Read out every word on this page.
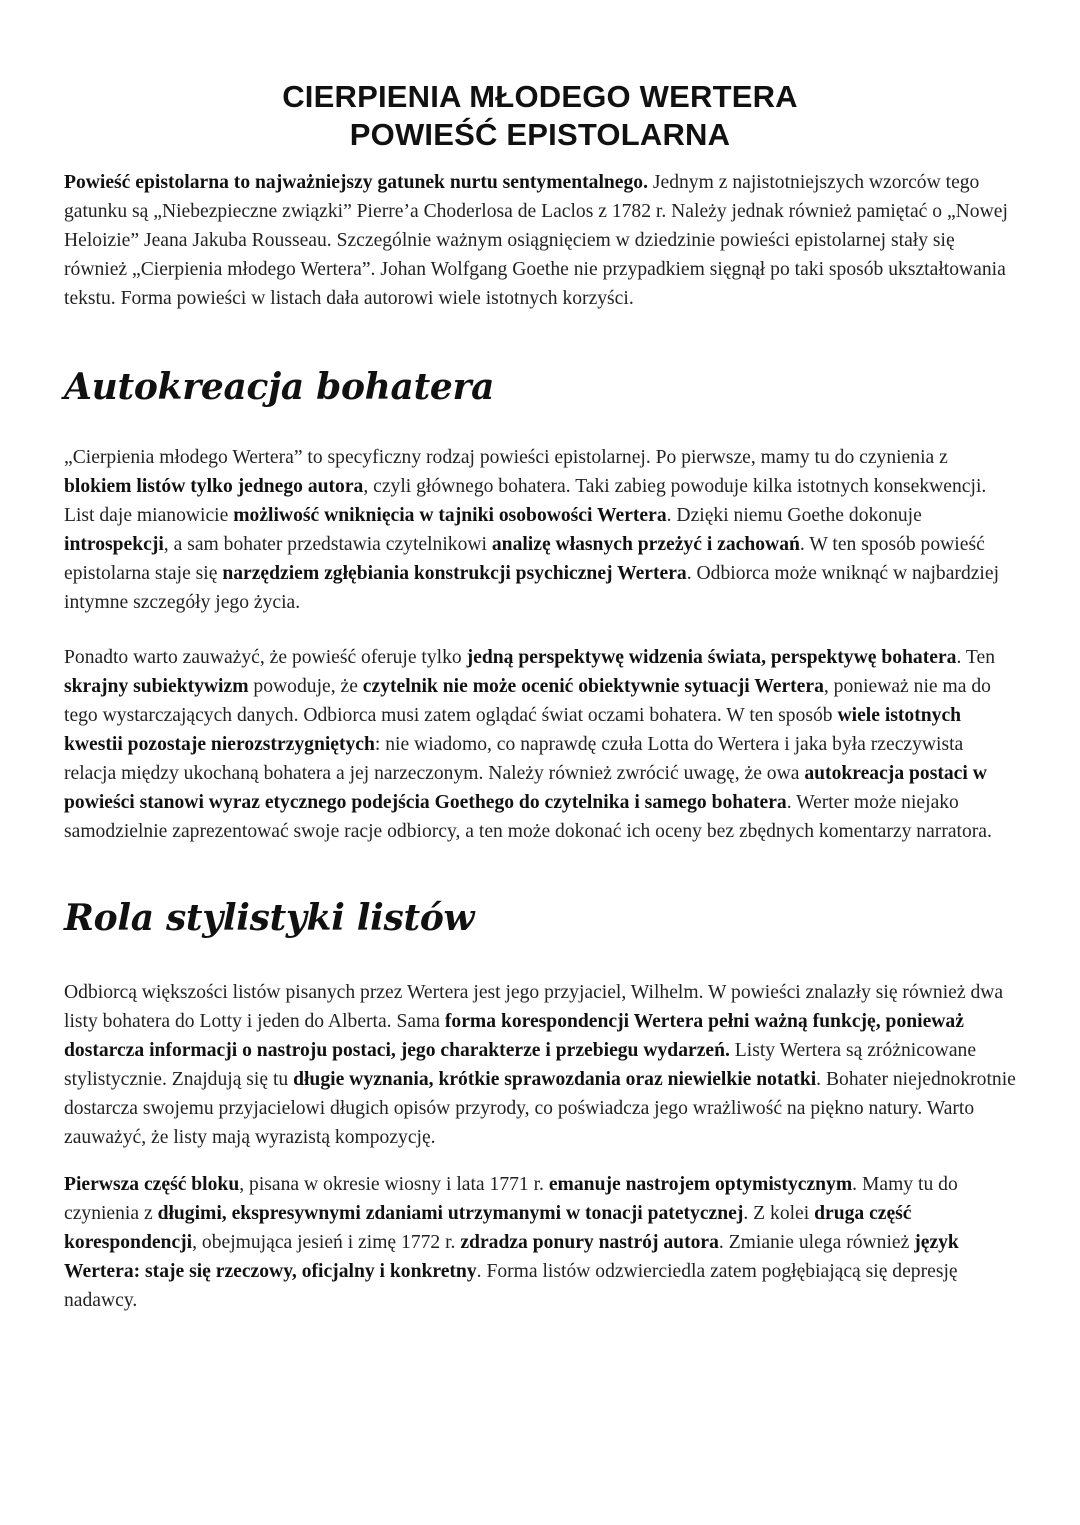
CIERPIENIA MŁODEGO WERTERA
POWIEŚĆ EPISTOLARNA

Powieść epistolarna to najważniejszy gatunek nurtu sentymentalnego. Jednym z najistotniejszych wzorców tego gatunku są „Niebezpieczne związki” Pierre’a Choderlosa de Laclos z 1782 r. Należy jednak również pamiętać o „Nowej Heloizie” Jeana Jakuba Rousseau. Szczególnie ważnym osiągnięciem w dziedzinie powieści epistolarnej stały się również „Cierpienia młodego Wertera”. Johan Wolfgang Goethe nie przypadkiem sięgnął po taki sposób ukształtowania tekstu. Forma powieści w listach dała autorowi wiele istotnych korzyści.

Autokreacja bohatera

„Cierpienia młodego Wertera” to specyficzny rodzaj powieści epistolarnej. Po pierwsze, mamy tu do czynienia z blokiem listów tylko jednego autora, czyli głównego bohatera. Taki zabieg powoduje kilka istotnych konsekwencji. List daje mianowicie możliwość wniknięcia w tajniki osobowości Wertera. Dzięki niemu Goethe dokonuje introspekcji, a sam bohater przedstawia czytelnikowi analizę własnych przeżyć i zachowań. W ten sposób powieść epistolarna staje się narzędziem zgłębiania konstrukcji psychicznej Wertera. Odbiorca może wniknąć w najbardziej intymne szczegóły jego życia.

Ponadto warto zauważyć, że powieść oferuje tylko jedną perspektywę widzenia świata, perspektywę bohatera. Ten skrajny subiektywizm powoduje, że czytelnik nie może ocenić obiektywnie sytuacji Wertera, ponieważ nie ma do tego wystarczających danych. Odbiorca musi zatem oglądać świat oczami bohatera. W ten sposób wiele istotnych kwestii pozostaje nierozstrzygniętych: nie wiadomo, co naprawdę czuła Lotta do Wertera i jaka była rzeczywista relacja między ukochaną bohatera a jej narzeczonym. Należy również zwrócić uwagę, że owa autokreacja postaci w powieści stanowi wyraz etycznego podejścia Goethego do czytelnika i samego bohatera. Werter może niejako samodzielnie zaprezentować swoje racje odbiorcy, a ten może dokonać ich oceny bez zbędnych komentarzy narratora.

Rola stylistyki listów

Odbiorcą większości listów pisanych przez Wertera jest jego przyjaciel, Wilhelm. W powieści znalazły się również dwa listy bohatera do Lotty i jeden do Alberta. Sama forma korespondencji Wertera pełni ważną funkcję, ponieważ dostarcza informacji o nastroju postaci, jego charakterze i przebiegu wydarzeń. Listy Wertera są zróżnicowane stylistycznie. Znajdują się tu długie wyznania, krótkie sprawozdania oraz niewielkie notatki. Bohater niejednokrotnie dostarcza swojemu przyjacielowi długich opisów przyrody, co poświadcza jego wrażliwość na piękno natury. Warto zauważyć, że listy mają wyrazistą kompozycję.

Pierwsza część bloku, pisana w okresie wiosny i lata 1771 r. emanuje nastrojem optymistycznym. Mamy tu do czynienia z długimi, ekspresywnymi zdaniami utrzymanymi w tonacji patetycznej. Z kolei druga część korespondencji, obejmująca jesień i zimę 1772 r. zdradza ponury nastrój autora. Zmianie ulega również język Wertera: staje się rzeczowy, oficjalny i konkretny. Forma listów odzwierciedla zatem pogłębiającą się depresję nadawcy.
